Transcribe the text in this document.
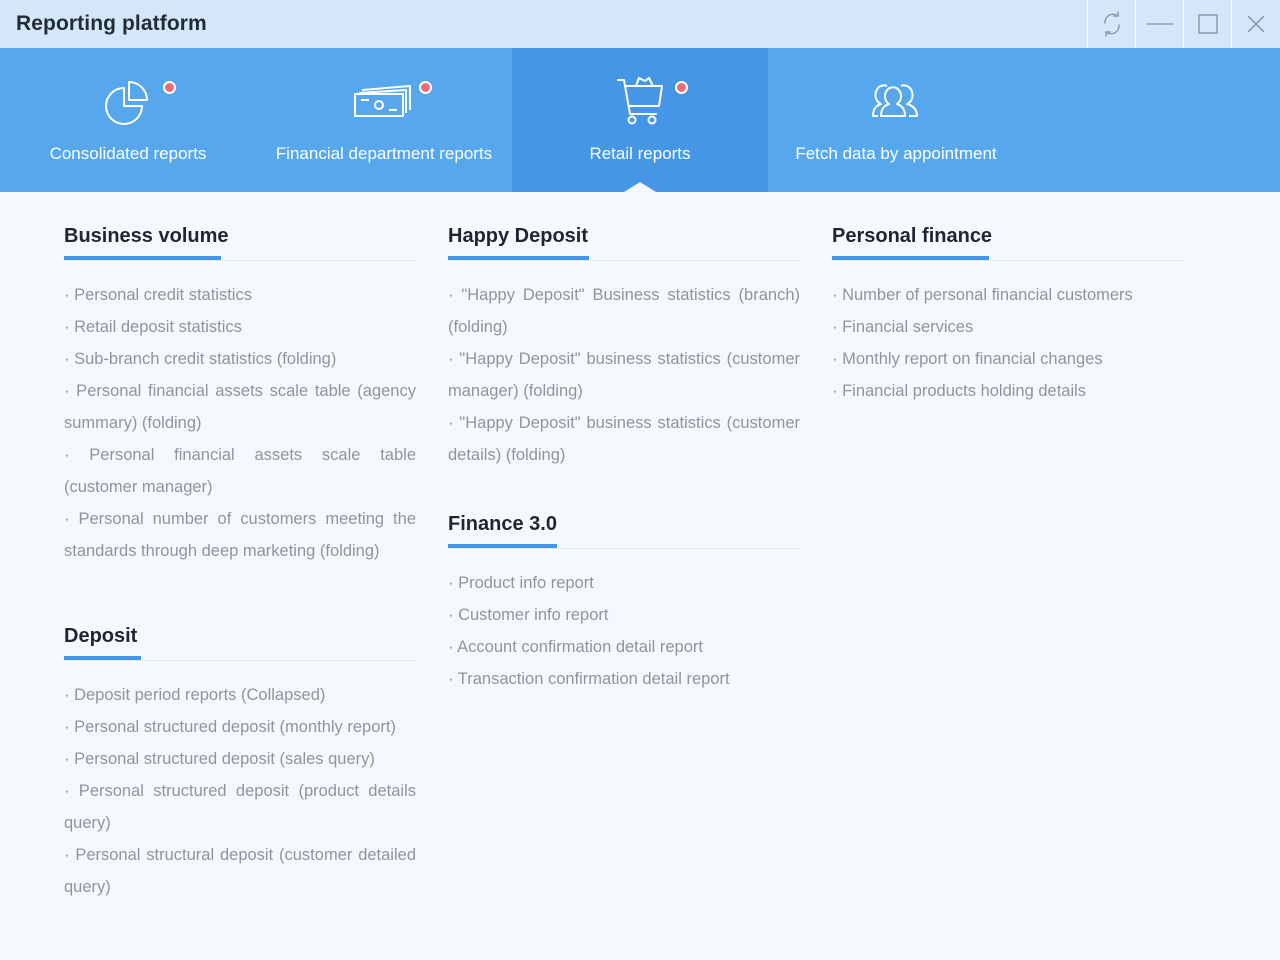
Reporting platform
Consolidated reports	Financial department reports	Retail reports	Fetch data by appointment
Business volume
· Personal credit statistics
· Retail deposit statistics
· Sub-branch credit statistics (folding)
· Personal financial assets scale table (agency summary) (folding)
· Personal financial assets scale table (customer manager)
· Personal number of customers meeting the standards through deep marketing (folding)
Deposit
· Deposit period reports (Collapsed)
· Personal structured deposit (monthly report)
· Personal structured deposit (sales query)
· Personal structured deposit (product details query)
· Personal structural deposit (customer detailed query)
Happy Deposit
· "Happy Deposit" Business statistics (branch) (folding)
· "Happy Deposit" business statistics (customer manager) (folding)
· "Happy Deposit" business statistics (customer details) (folding)
Finance 3.0
· Product info report
· Customer info report
· Account confirmation detail report
· Transaction confirmation detail report
Personal finance
· Number of personal financial customers
· Financial services
· Monthly report on financial changes
· Financial products holding details
